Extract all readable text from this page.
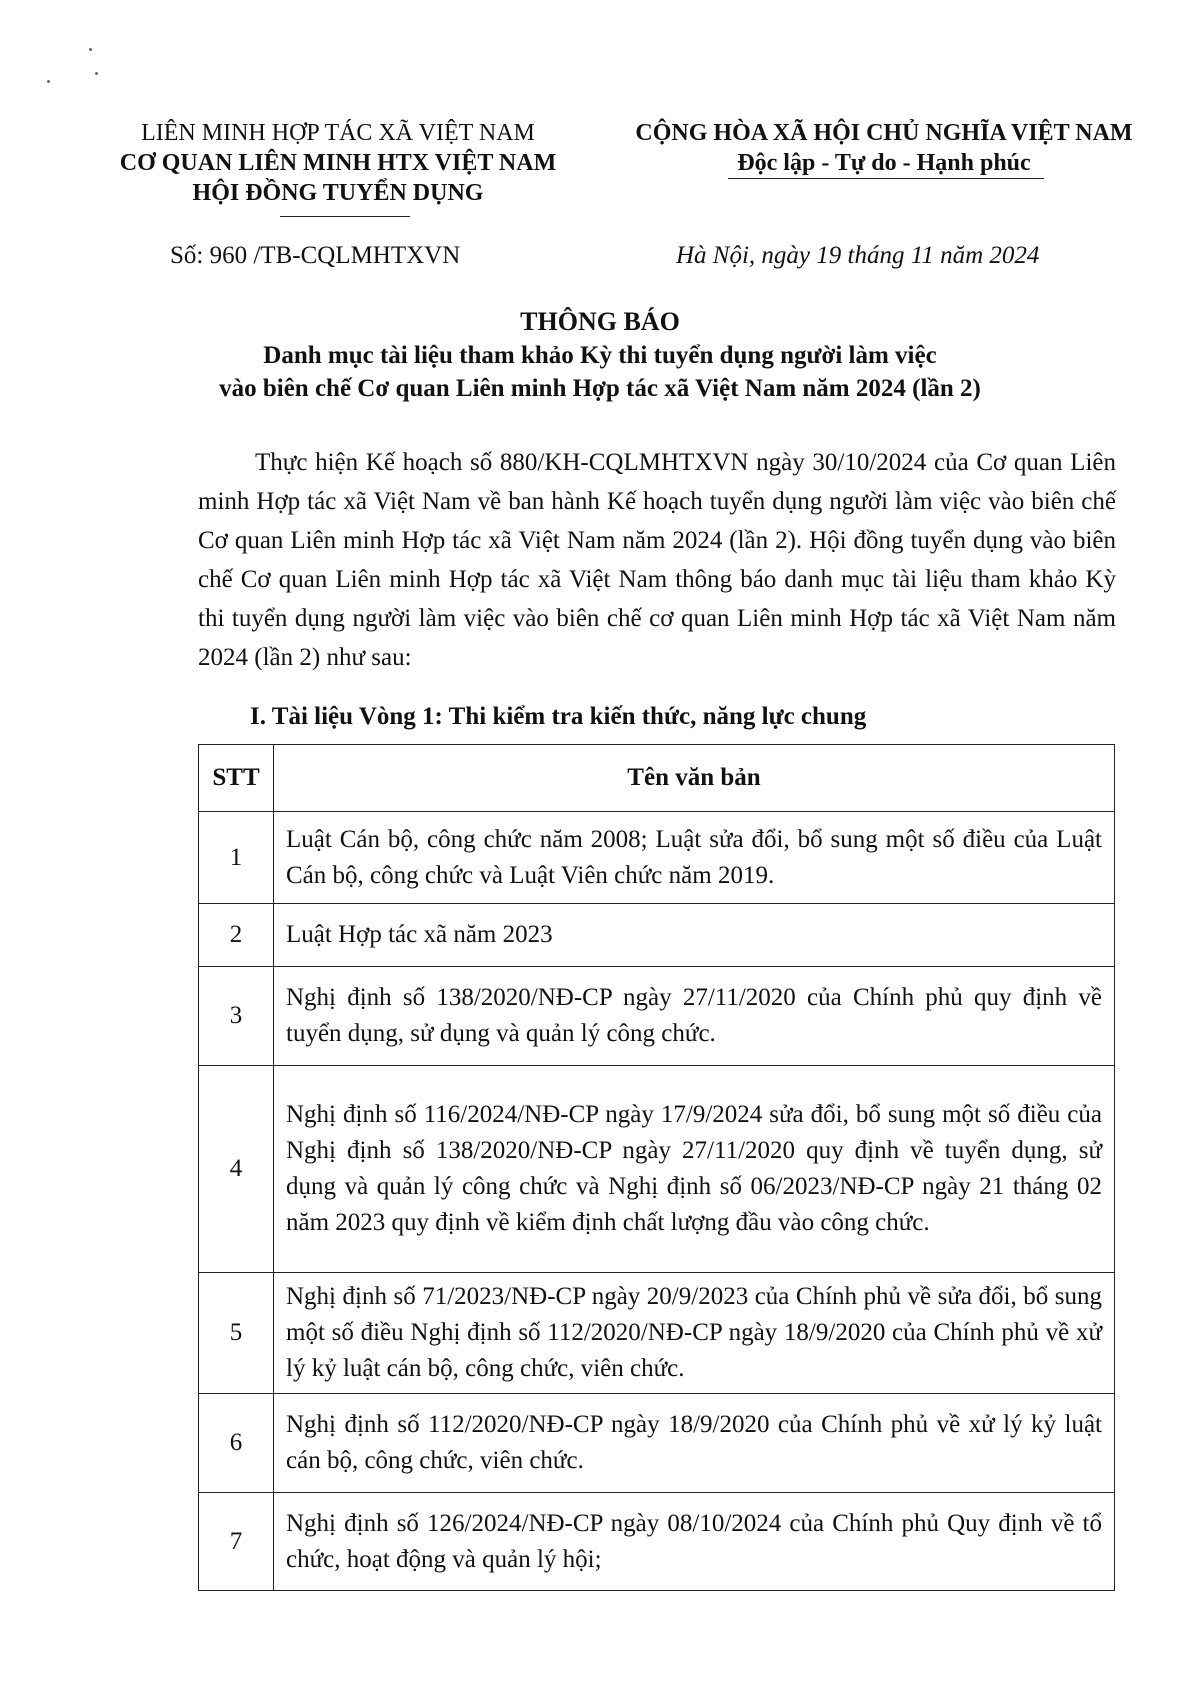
LIÊN MINH HỢP TÁC XÃ VIỆT NAM
CƠ QUAN LIÊN MINH HTX VIỆT NAM
HỘI ĐỒNG TUYỂN DỤNG
Số: 960 /TB-CQLMHTXVN
CỘNG HÒA XÃ HỘI CHỦ NGHĨA VIỆT NAM
Độc lập - Tự do - Hạnh phúc
Hà Nội, ngày 19 tháng 11 năm 2024
THÔNG BÁO
Danh mục tài liệu tham khảo Kỳ thi tuyển dụng người làm việc
vào biên chế Cơ quan Liên minh Hợp tác xã Việt Nam năm 2024 (lần 2)
Thực hiện Kế hoạch số 880/KH-CQLMHTXVN ngày 30/10/2024 của Cơ quan Liên minh Hợp tác xã Việt Nam về ban hành Kế hoạch tuyển dụng người làm việc vào biên chế Cơ quan Liên minh Hợp tác xã Việt Nam năm 2024 (lần 2). Hội đồng tuyển dụng vào biên chế Cơ quan Liên minh Hợp tác xã Việt Nam thông báo danh mục tài liệu tham khảo Kỳ thi tuyển dụng người làm việc vào biên chế cơ quan Liên minh Hợp tác xã Việt Nam năm 2024 (lần 2) như sau:
I. Tài liệu Vòng 1: Thi kiểm tra kiến thức, năng lực chung
STT	Tên văn bản
1	Luật Cán bộ, công chức năm 2008; Luật sửa đổi, bổ sung một số điều của Luật Cán bộ, công chức và Luật Viên chức năm 2019.
2	Luật Hợp tác xã năm 2023
3	Nghị định số 138/2020/NĐ-CP ngày 27/11/2020 của Chính phủ quy định về tuyển dụng, sử dụng và quản lý công chức.
4	Nghị định số 116/2024/NĐ-CP ngày 17/9/2024 sửa đổi, bổ sung một số điều của Nghị định số 138/2020/NĐ-CP ngày 27/11/2020 quy định về tuyển dụng, sử dụng và quản lý công chức và Nghị định số 06/2023/NĐ-CP ngày 21 tháng 02 năm 2023 quy định về kiểm định chất lượng đầu vào công chức.
5	Nghị định số 71/2023/NĐ-CP ngày 20/9/2023 của Chính phủ về sửa đổi, bổ sung một số điều Nghị định số 112/2020/NĐ-CP ngày 18/9/2020 của Chính phủ về xử lý kỷ luật cán bộ, công chức, viên chức.
6	Nghị định số 112/2020/NĐ-CP ngày 18/9/2020 của Chính phủ về xử lý kỷ luật cán bộ, công chức, viên chức.
7	Nghị định số 126/2024/NĐ-CP ngày 08/10/2024 của Chính phủ Quy định về tổ chức, hoạt động và quản lý hội;
